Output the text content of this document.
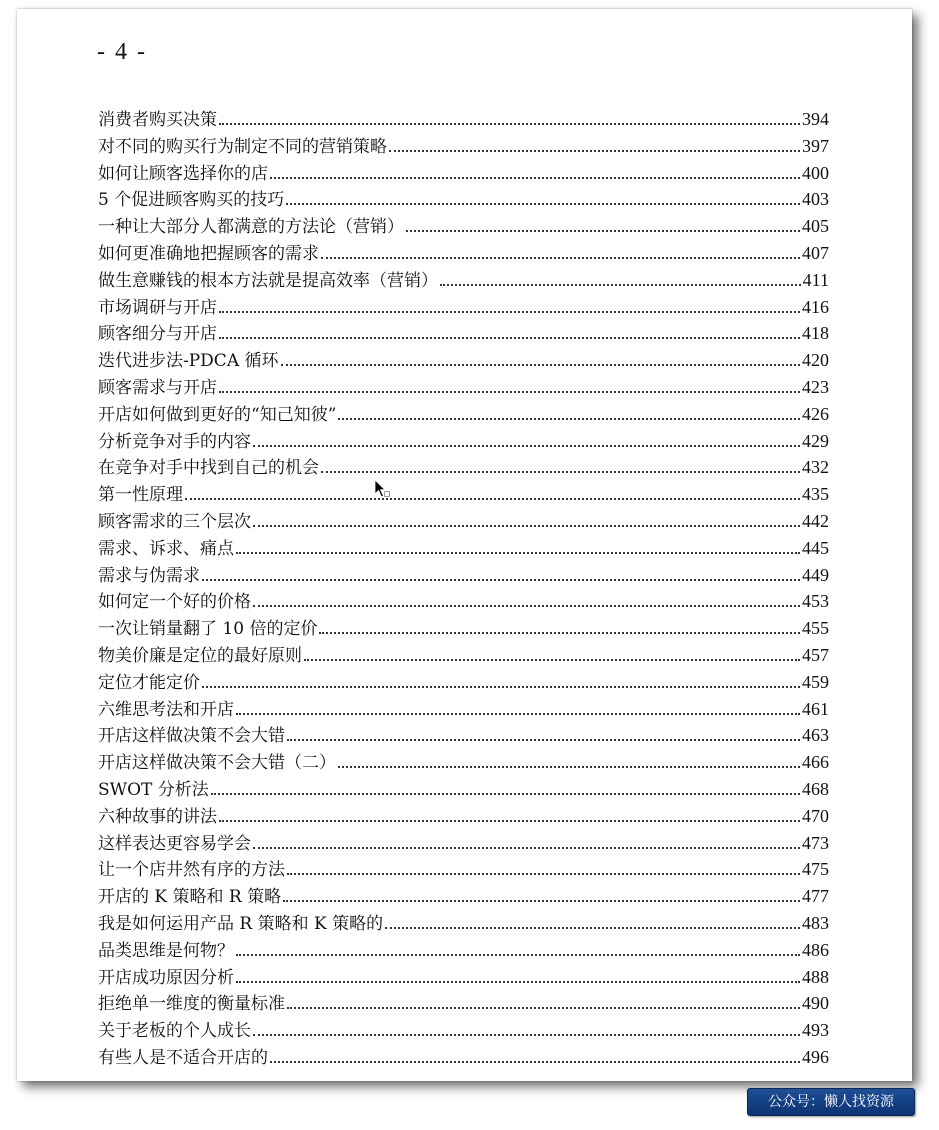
- 4 -
消费者购买决策	394
对不同的购买行为制定不同的营销策略	397
如何让顾客选择你的店	400
5 个促进顾客购买的技巧	403
一种让大部分人都满意的方法论（营销）	405
如何更准确地把握顾客的需求	407
做生意赚钱的根本方法就是提高效率（营销）	411
市场调研与开店	416
顾客细分与开店	418
迭代进步法-PDCA 循环	420
顾客需求与开店	423
开店如何做到更好的“知己知彼”	426
分析竞争对手的内容	429
在竞争对手中找到自己的机会	432
第一性原理	435
顾客需求的三个层次	442
需求、诉求、痛点	445
需求与伪需求	449
如何定一个好的价格	453
一次让销量翻了 10 倍的定价	455
物美价廉是定位的最好原则	457
定位才能定价	459
六维思考法和开店	461
开店这样做决策不会大错	463
开店这样做决策不会大错（二）	466
SWOT 分析法	468
六种故事的讲法	470
这样表达更容易学会	473
让一个店井然有序的方法	475
开店的 K 策略和 R 策略	477
我是如何运用产品 R 策略和 K 策略的	483
品类思维是何物？	486
开店成功原因分析	488
拒绝单一维度的衡量标准	490
关于老板的个人成长	493
有些人是不适合开店的	496
公众号：懒人找资源
